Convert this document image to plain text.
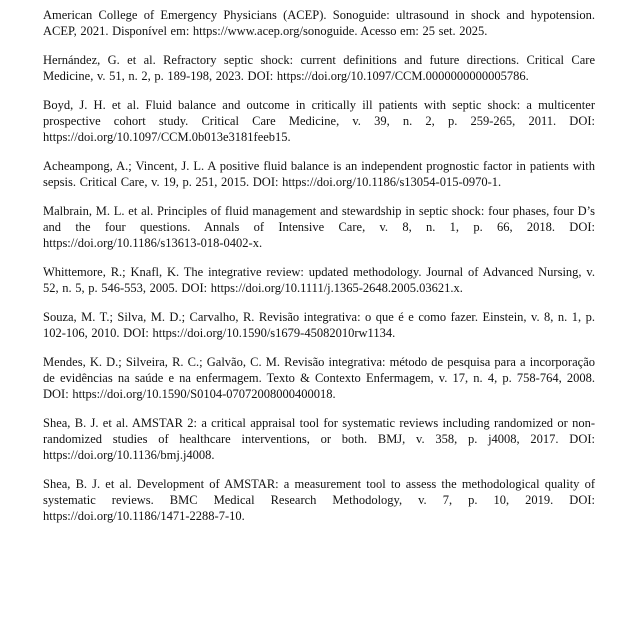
American College of Emergency Physicians (ACEP). Sonoguide: ultrasound in shock and hypotension. ACEP, 2021. Disponível em: https://www.acep.org/sonoguide. Acesso em: 25 set. 2025.

Hernández, G. et al. Refractory septic shock: current definitions and future directions. Critical Care Medicine, v. 51, n. 2, p. 189-198, 2023. DOI: https://doi.org/10.1097/CCM.0000000000005786.

Boyd, J. H. et al. Fluid balance and outcome in critically ill patients with septic shock: a multicenter prospective cohort study. Critical Care Medicine, v. 39, n. 2, p. 259-265, 2011. DOI: https://doi.org/10.1097/CCM.0b013e3181feeb15.

Acheampong, A.; Vincent, J. L. A positive fluid balance is an independent prognostic factor in patients with sepsis. Critical Care, v. 19, p. 251, 2015. DOI: https://doi.org/10.1186/s13054-015-0970-1.

Malbrain, M. L. et al. Principles of fluid management and stewardship in septic shock: four phases, four D’s and the four questions. Annals of Intensive Care, v. 8, n. 1, p. 66, 2018. DOI: https://doi.org/10.1186/s13613-018-0402-x.

Whittemore, R.; Knafl, K. The integrative review: updated methodology. Journal of Advanced Nursing, v. 52, n. 5, p. 546-553, 2005. DOI: https://doi.org/10.1111/j.1365-2648.2005.03621.x.

Souza, M. T.; Silva, M. D.; Carvalho, R. Revisão integrativa: o que é e como fazer. Einstein, v. 8, n. 1, p. 102-106, 2010. DOI: https://doi.org/10.1590/s1679-45082010rw1134.

Mendes, K. D.; Silveira, R. C.; Galvão, C. M. Revisão integrativa: método de pesquisa para a incorporação de evidências na saúde e na enfermagem. Texto & Contexto Enfermagem, v. 17, n. 4, p. 758-764, 2008. DOI: https://doi.org/10.1590/S0104-07072008000400018.

Shea, B. J. et al. AMSTAR 2: a critical appraisal tool for systematic reviews including randomized or non-randomized studies of healthcare interventions, or both. BMJ, v. 358, p. j4008, 2017. DOI: https://doi.org/10.1136/bmj.j4008.

Shea, B. J. et al. Development of AMSTAR: a measurement tool to assess the methodological quality of systematic reviews. BMC Medical Research Methodology, v. 7, p. 10, 2019. DOI: https://doi.org/10.1186/1471-2288-7-10.
